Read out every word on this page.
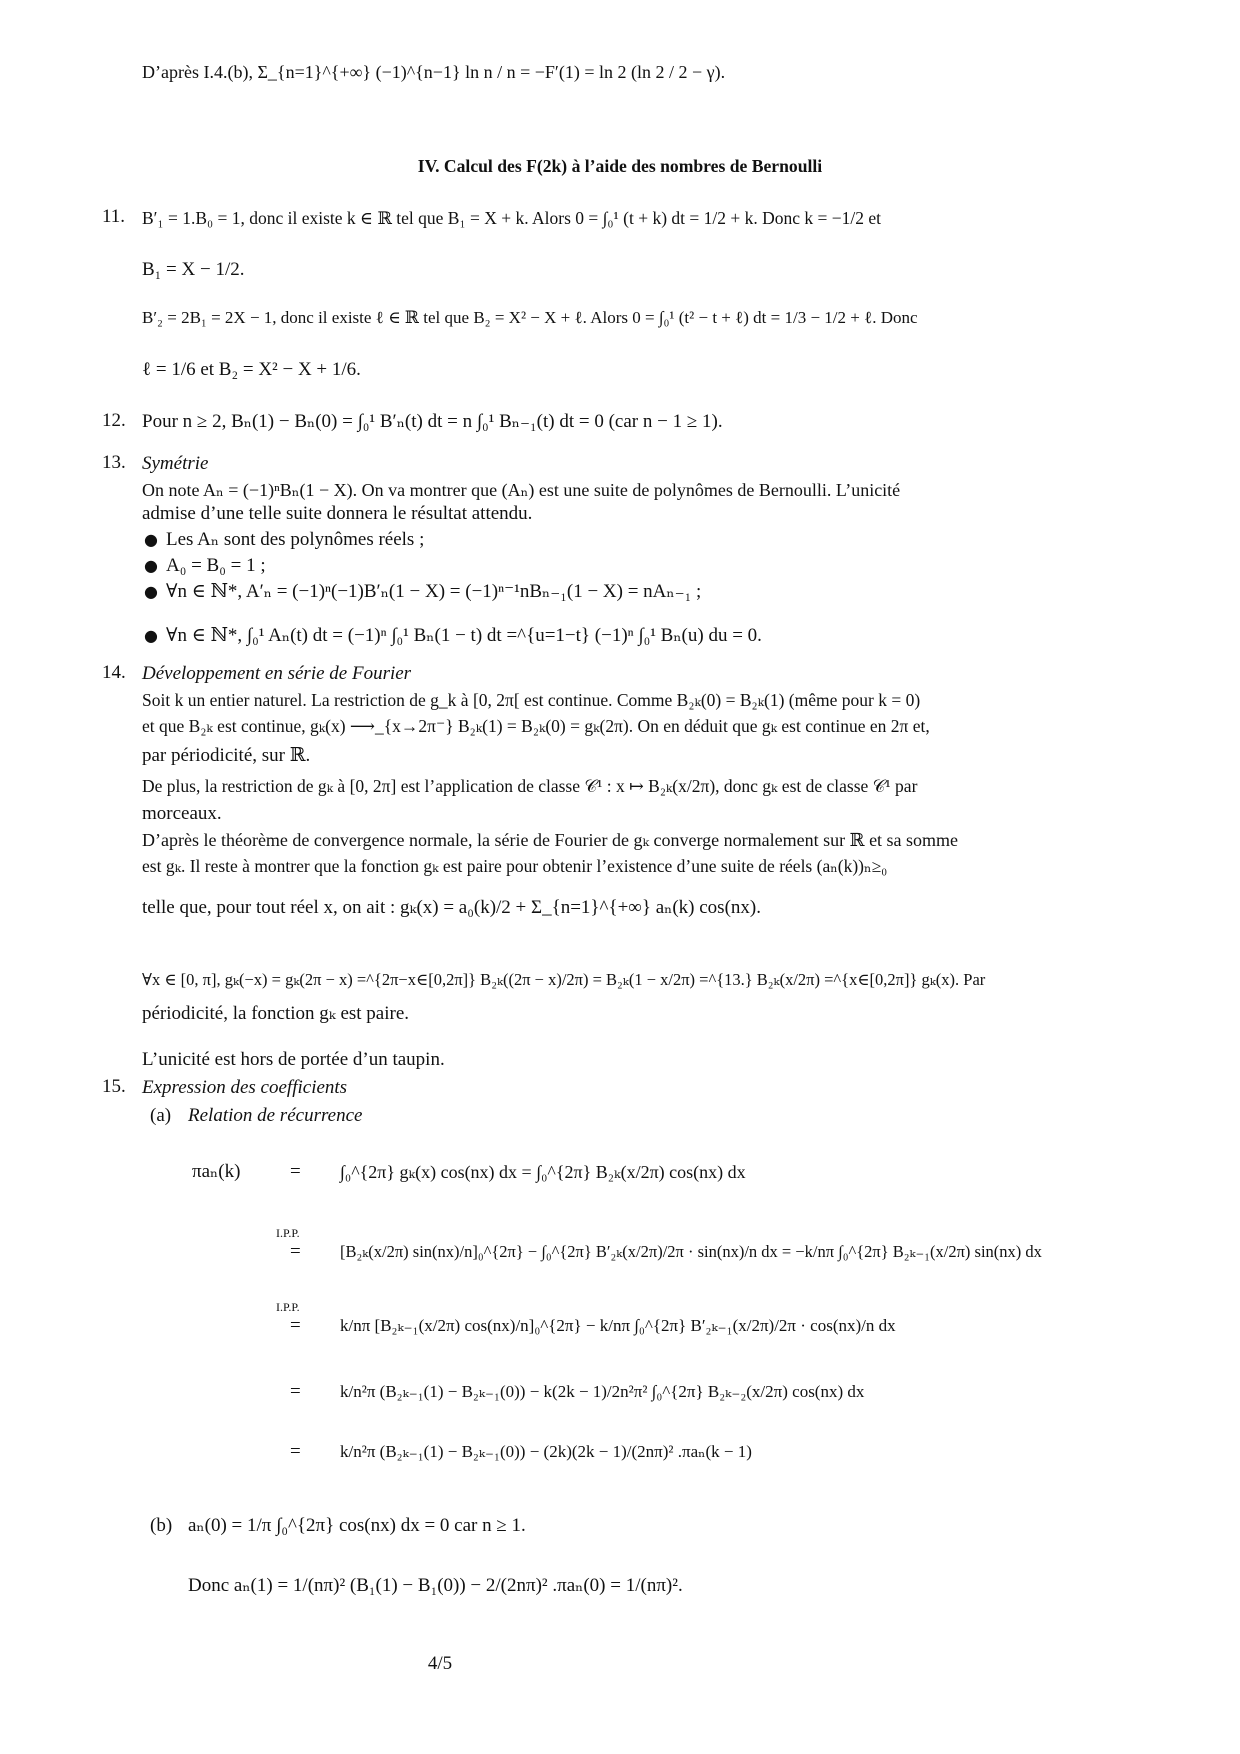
D’après I.4.(b), Σ_{n=1}^{+∞} (−1)^{n−1} ln n / n = −F′(1) = ln 2 (ln 2 / 2 − γ).
IV. Calcul des F(2k) à l’aide des nombres de Bernoulli
11. B′₁ = 1.B₀ = 1, donc il existe k ∈ ℝ tel que B₁ = X + k. Alors 0 = ∫₀¹ (t + k) dt = 1/2 + k. Donc k = −1/2 et
B₁ = X − 1/2.
B′₂ = 2B₁ = 2X − 1, donc il existe ℓ ∈ ℝ tel que B₂ = X² − X + ℓ. Alors 0 = ∫₀¹ (t² − t + ℓ) dt = 1/3 − 1/2 + ℓ. Donc
ℓ = 1/6 et B₂ = X² − X + 1/6.
12. Pour n ≥ 2, Bₙ(1) − Bₙ(0) = ∫₀¹ B′ₙ(t) dt = n ∫₀¹ Bₙ₋₁(t) dt = 0 (car n − 1 ≥ 1).
13. Symétrie
On note Aₙ = (−1)ⁿBₙ(1 − X). On va montrer que (Aₙ) est une suite de polynômes de Bernoulli. L’unicité
admise d’une telle suite donnera le résultat attendu.
● Les Aₙ sont des polynômes réels ;
● A₀ = B₀ = 1 ;
● ∀n ∈ ℕ*, A′ₙ = (−1)ⁿ(−1)B′ₙ(1 − X) = (−1)ⁿ⁻¹nBₙ₋₁(1 − X) = nAₙ₋₁ ;
● ∀n ∈ ℕ*, ∫₀¹ Aₙ(t) dt = (−1)ⁿ ∫₀¹ Bₙ(1 − t) dt =^{u=1−t} (−1)ⁿ ∫₀¹ Bₙ(u) du = 0.
14. Développement en série de Fourier
Soit k un entier naturel. La restriction de g_k à [0, 2π[ est continue. Comme B₂ₖ(0) = B₂ₖ(1) (même pour k = 0)
et que B₂ₖ est continue, gₖ(x) ⟶_{x→2π⁻} B₂ₖ(1) = B₂ₖ(0) = gₖ(2π). On en déduit que gₖ est continue en 2π et,
par périodicité, sur ℝ.
De plus, la restriction de gₖ à [0, 2π] est l’application de classe 𝒞¹ : x ↦ B₂ₖ(x/2π), donc gₖ est de classe 𝒞¹ par
morceaux.
D’après le théorème de convergence normale, la série de Fourier de gₖ converge normalement sur ℝ et sa somme
est gₖ. Il reste à montrer que la fonction gₖ est paire pour obtenir l’existence d’une suite de réels (aₙ(k))ₙ≥₀
telle que, pour tout réel x, on ait : gₖ(x) = a₀(k)/2 + Σ_{n=1}^{+∞} aₙ(k) cos(nx).
∀x ∈ [0, π], gₖ(−x) = gₖ(2π − x) =^{2π−x∈[0,2π]} B₂ₖ((2π − x)/2π) = B₂ₖ(1 − x/2π) =^{13.} B₂ₖ(x/2π) =^{x∈[0,2π]} gₖ(x). Par
périodicité, la fonction gₖ est paire.
L’unicité est hors de portée d’un taupin.
15. Expression des coefficients
(a) Relation de récurrence
πaₙ(k)	= ∫₀^{2π} gₖ(x) cos(nx) dx = ∫₀^{2π} B₂ₖ(x/2π) cos(nx) dx
I.P.P.
= [B₂ₖ(x/2π) sin(nx)/n]₀^{2π} − ∫₀^{2π} B′₂ₖ(x/2π)/2π · sin(nx)/n dx = −k/nπ ∫₀^{2π} B₂ₖ₋₁(x/2π) sin(nx) dx
I.P.P.
= k/nπ [B₂ₖ₋₁(x/2π) cos(nx)/n]₀^{2π} − k/nπ ∫₀^{2π} B′₂ₖ₋₁(x/2π)/2π · cos(nx)/n dx
= k/n²π (B₂ₖ₋₁(1) − B₂ₖ₋₁(0)) − k(2k − 1)/2n²π² ∫₀^{2π} B₂ₖ₋₂(x/2π) cos(nx) dx
= k/n²π (B₂ₖ₋₁(1) − B₂ₖ₋₁(0)) − (2k)(2k − 1)/(2nπ)² .πaₙ(k − 1)
(b) aₙ(0) = 1/π ∫₀^{2π} cos(nx) dx = 0 car n ≥ 1.
Donc aₙ(1) = 1/(nπ)² (B₁(1) − B₁(0)) − 2/(2nπ)² .πaₙ(0) = 1/(nπ)².
4/5
